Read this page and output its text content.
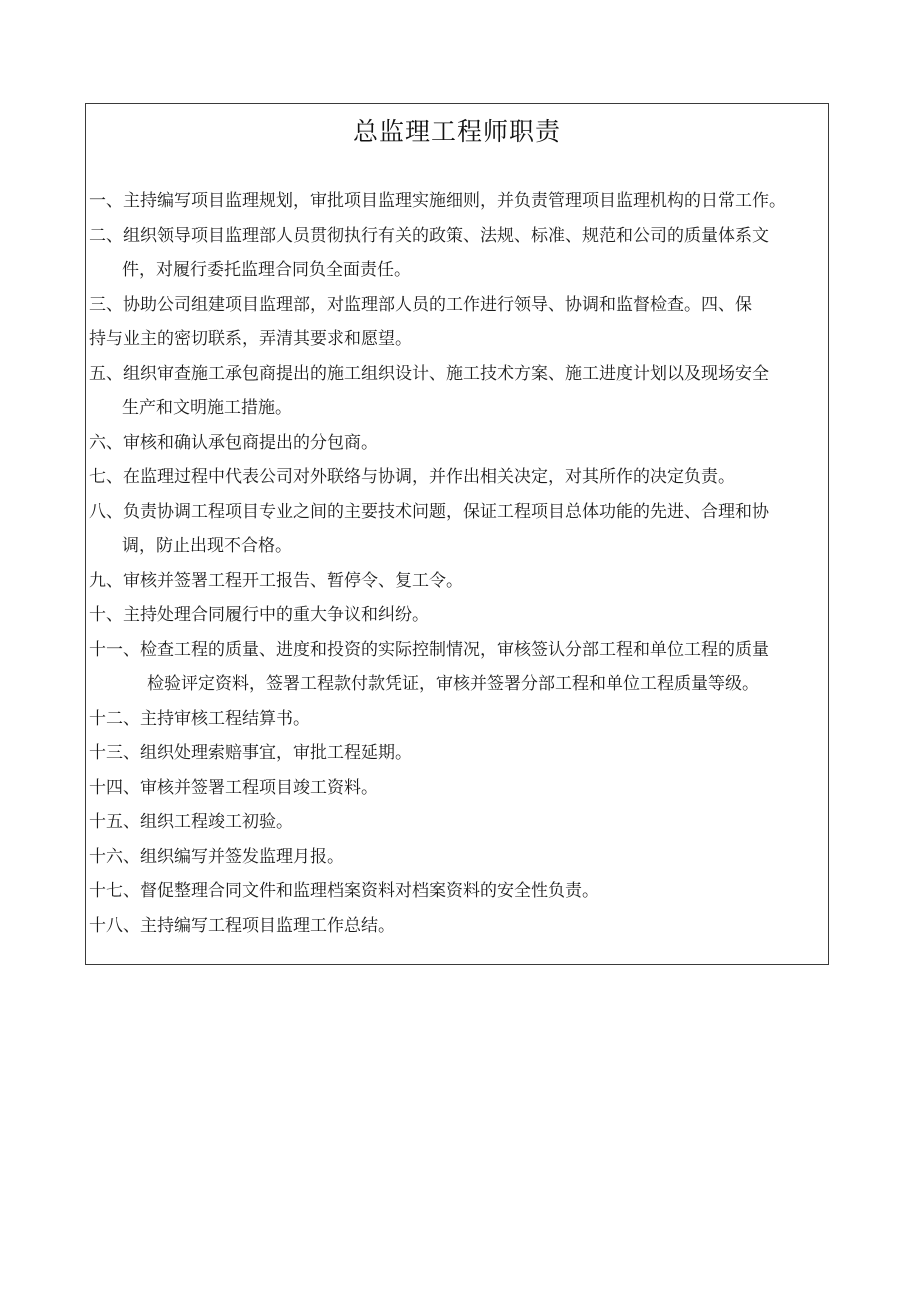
总监理工程师职责
一、主持编写项目监理规划，审批项目监理实施细则，并负责管理项目监理机构的日常工作。
二、组织领导项目监理部人员贯彻执行有关的政策、法规、标准、规范和公司的质量体系文
件，对履行委托监理合同负全面责任。
三、协助公司组建项目监理部，对监理部人员的工作进行领导、协调和监督检查。四、保
持与业主的密切联系，弄清其要求和愿望。
五、组织审查施工承包商提出的施工组织设计、施工技术方案、施工进度计划以及现场安全
生产和文明施工措施。
六、审核和确认承包商提出的分包商。
七、在监理过程中代表公司对外联络与协调，并作出相关决定，对其所作的决定负责。
八、负责协调工程项目专业之间的主要技术问题，保证工程项目总体功能的先进、合理和协
调，防止出现不合格。
九、审核并签署工程开工报告、暂停令、复工令。
十、主持处理合同履行中的重大争议和纠纷。
十一、检查工程的质量、进度和投资的实际控制情况，审核签认分部工程和单位工程的质量
检验评定资料，签署工程款付款凭证，审核并签署分部工程和单位工程质量等级。
十二、主持审核工程结算书。
十三、组织处理索赔事宜，审批工程延期。
十四、审核并签署工程项目竣工资料。
十五、组织工程竣工初验。
十六、组织编写并签发监理月报。
十七、督促整理合同文件和监理档案资料对档案资料的安全性负责。
十八、主持编写工程项目监理工作总结。
